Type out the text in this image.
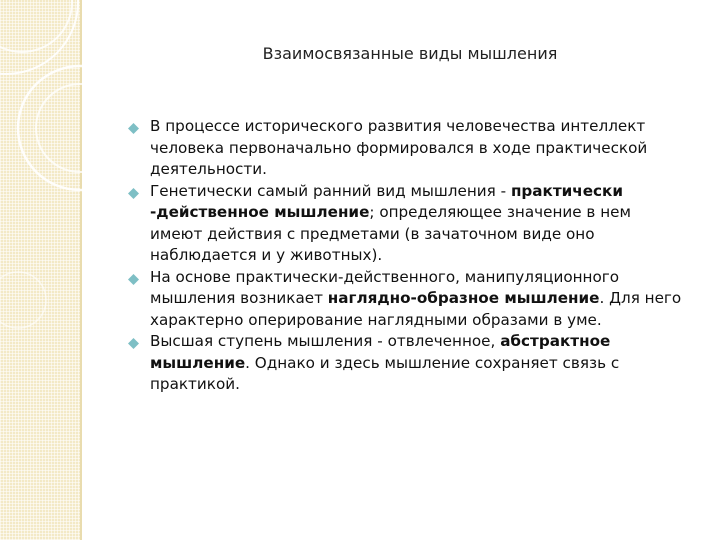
Взаимосвязанные виды мышления
В процессе исторического развития человечества интеллект человека первоначально формировался в ходе практической деятельности.
Генетически самый ранний вид мышления - практически -действенное мышление; определяющее значение в нем имеют действия с предметами (в зачаточном виде оно наблюдается и у животных).
На основе практически-действенного, манипуляционного мышления возникает наглядно-образное мышление. Для него характерно оперирование наглядными образами в уме.
Высшая ступень мышления - отвлеченное, абстрактное мышление. Однако и здесь мышление сохраняет связь с практикой.
